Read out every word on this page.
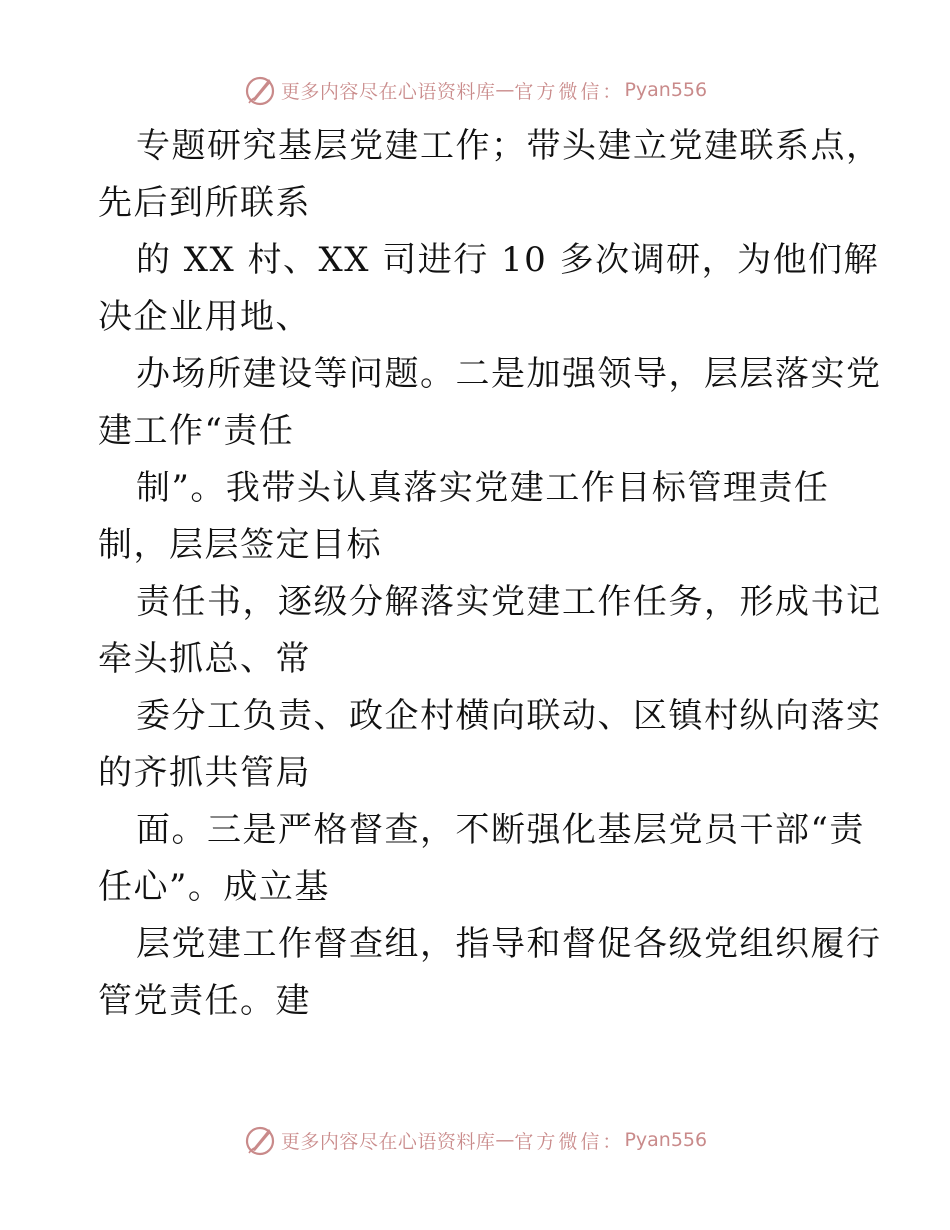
更多内容尽在心语资料库 — 官方微信： Pyan556
专题研究基层党建工作；带头建立党建联系点，
先后到所联系
的 XX 村、XX 司进行 10 多次调研，为他们解
决企业用地、
办场所建设等问题。二是加强领导，层层落实党
建工作“责任
制”。我带头认真落实党建工作目标管理责任
制，层层签定目标
责任书，逐级分解落实党建工作任务，形成书记
牵头抓总、常
委分工负责、政企村横向联动、区镇村纵向落实
的齐抓共管局
面。三是严格督查，不断强化基层党员干部“责
任心”。成立基
层党建工作督查组，指导和督促各级党组织履行
管党责任。建
更多内容尽在心语资料库 — 官方微信： Pyan556
